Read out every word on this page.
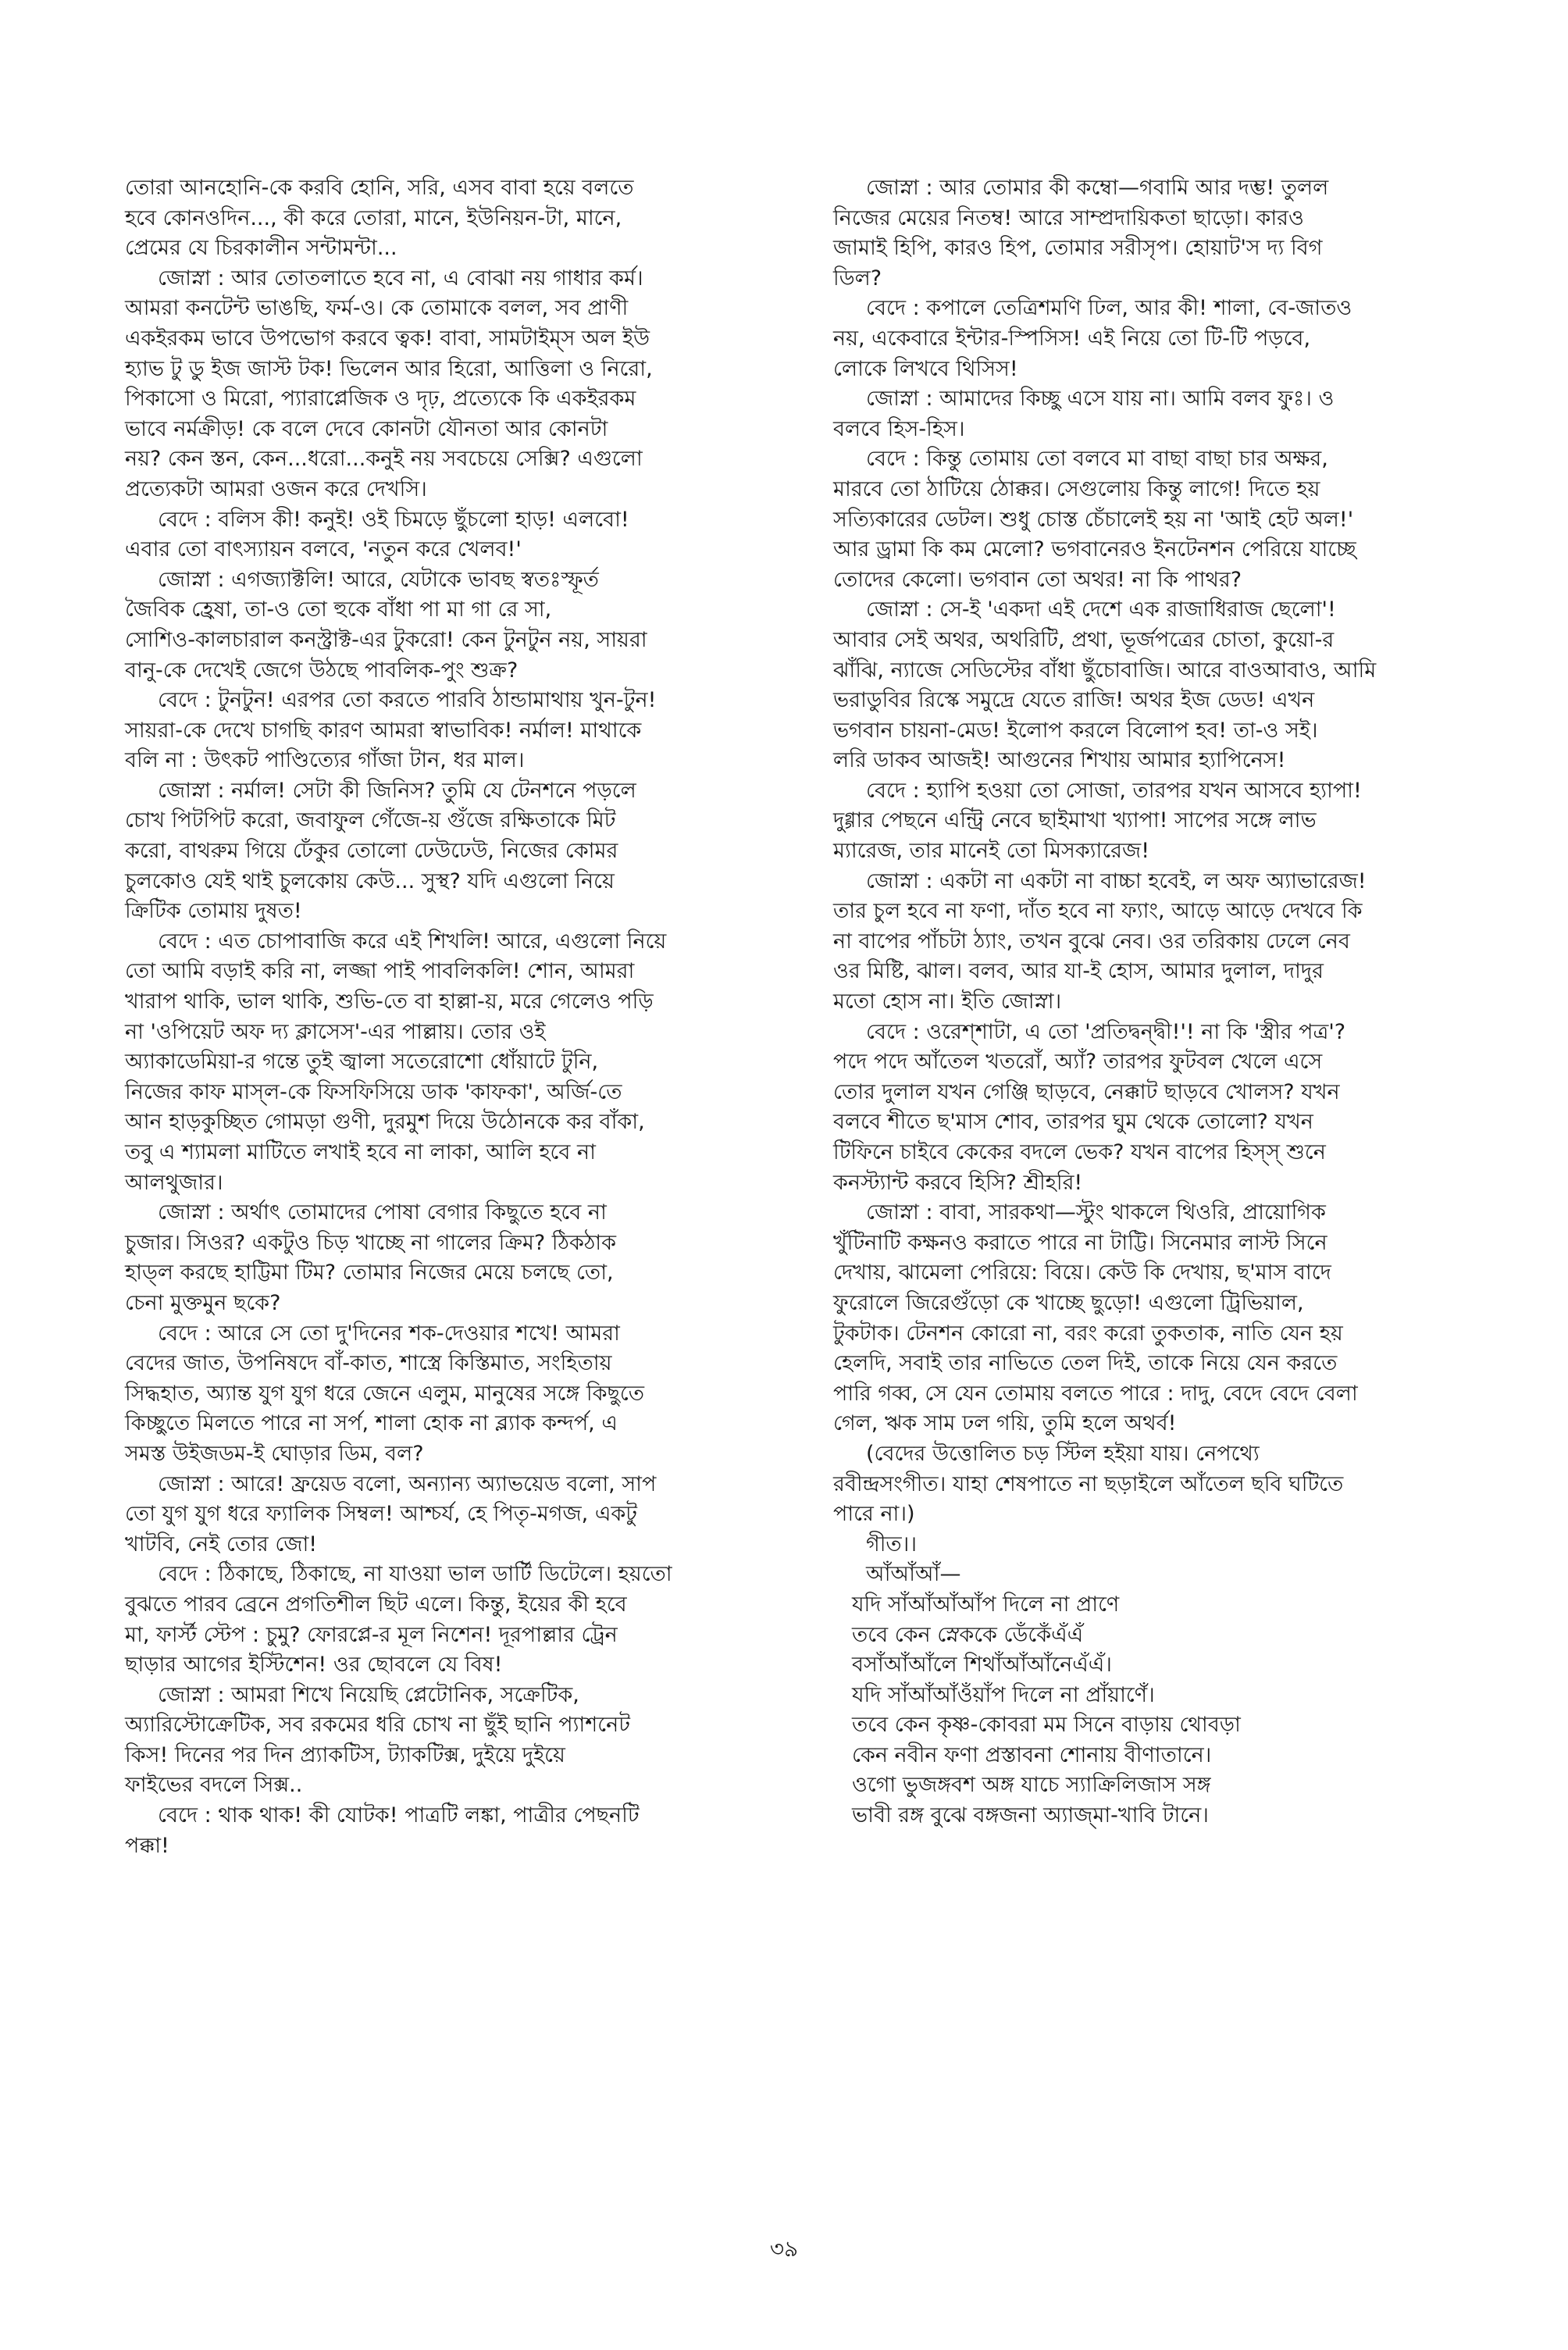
তোরা আনহোনি-কে করবি হোনি, সরি, এসব বাবা হয়ে বলতে
হবে কোনওদিন..., কী করে তোরা, মানে, ইউনিয়ন-টা, মানে,
প্রেমের যে চিরকালীন সন্টামন্টা...
জোস্না : আর তোতলাতে হবে না, এ বোঝা নয় গাধার কর্ম।
আমরা কনটেন্ট ভাঙছি, ফর্ম-ও। কে তোমাকে বলল, সব প্রাণী
একইরকম ভাবে উপভোগ করবে ত্বক! বাবা, সামটাইম্স অল ইউ
হ্যাভ টু ডু ইজ জাস্ট টক! ভিলেন আর হিরো, আত্তিলা ও নিরো,
পিকাসো ও মিরো, প্যারাপ্লেজিক ও দৃঢ়, প্রত্যেকে কি একইরকম
ভাবে নর্মক্রীড়! কে বলে দেবে কোনটা যৌনতা আর কোনটা
নয়? কেন স্তন, কেন...ধরো...কনুই নয় সবচেয়ে সেক্সি? এগুলো
প্রত্যেকটা আমরা ওজন করে দেখসি।
বেদে : বলিস কী! কনুই! ওই চিমড়ে ছুঁচলো হাড়! এলবো!
এবার তো বাৎস্যায়ন বলবে, 'নতুন করে খেলব!'
জোস্না : এগজ্যাক্টলি! আরে, যেটাকে ভাবছ স্বতঃস্ফূর্ত
জৈবিক হ্রেষা, তা-ও তো হুকে বাঁধা পা মা গা রে সা,
সোশিও-কালচারাল কনস্ট্রাক্ট-এর টুকরো! কেন টুনটুন নয়, সায়রা
বানু-কে দেখেই জেগে উঠছে পাবলিক-পুং শুক্র?
বেদে : টুনটুন! এরপর তো করতে পারবি ঠান্ডামাথায় খুন-টুন!
সায়রা-কে দেখে চাগছি কারণ আমরা স্বাভাবিক! নর্মাল! মাথাকে
বলি না : উৎকট পাণ্ডিত্যের গাঁজা টান, ধর মাল।
জোস্না : নর্মাল! সেটা কী জিনিস? তুমি যে টেনশনে পড়লে
চোখ পিটপিট করো, জবাফুল গেঁজে-য় গুঁজে রক্ষিতাকে মিট
করো, বাথরুম গিয়ে ঢেঁকুর তোলো ঢেউঢেউ, নিজের কোমর
চুলকোও যেই থাই চুলকোয় কেউ... সুস্থ? যদি এগুলো নিয়ে
ক্রিটিক তোমায় দুষত!
বেদে : এত চোপাবাজি করে এই শিখলি! আরে, এগুলো নিয়ে
তো আমি বড়াই করি না, লজ্জা পাই পাবলিকলি! শোন, আমরা
খারাপ থাকি, ভাল থাকি, শুভি-তে বা হাল্লা-য়, মরে গেলেও পড়ি
না 'ওপিয়েট অফ দ্য ক্লাসেস'-এর পাল্লায়। তোর ওই
অ্যাকাডেমিয়া-র গন্তে তুই জ্বালা সতেরোশো ধোঁয়াটে টুনি,
নিজের কাফ মাস্‌ল-কে ফিসফিসিয়ে ডাক 'কাফকা', অর্জি-তে
আন হাড়কুচ্ছিত গোমড়া গুণী, দুরমুশ দিয়ে উঠোনকে কর বাঁকা,
তবু এ শ্যামলা মাটিতে লখাই হবে না লাকা, আলি হবে না
আলথুজার।
জোস্না : অর্থাৎ তোমাদের পোষা বেগার কিছুতে হবে না
চুজার। সিওর? একটুও চিড় খাচ্ছে না গালের ক্রিম? ঠিকঠাক
হাড্ল করছে হাট্টিমা টিম? তোমার নিজের মেয়ে চলছে তো,
চেনা মুক্তমুন ছকে?
বেদে : আরে সে তো দু'দিনের শক-দেওয়ার শখে! আমরা
বেদের জাত, উপনিষদে বাঁ-কাত, শাস্ত্রে কিস্তিমাত, সংহিতায়
সিদ্ধহাত, অ্যান্ত যুগ যুগ ধরে জেনে এলুম, মানুষের সঙ্গে কিছুতে
কিচ্ছুতে মিলতে পারে না সর্প, শালা হোক না ব্ল্যাক কন্দর্প, এ
সমস্ত উইজডম-ই ঘোড়ার ডিম, বল?
জোস্না : আরে! ফ্রয়েড বলো, অন্যান্য অ্যাভয়েড বলো, সাপ
তো যুগ যুগ ধরে ফ্যালিক সিম্বল! আশ্চর্য, হে পিতৃ-মগজ, একটু
খাটবি, নেই তোর জো!
বেদে : ঠিকাছে, ঠিকাছে, না যাওয়া ভাল ডার্টি ডিটেলে। হয়তো
বুঝতে পারব ব্রেনে প্রগতিশীল ছিট এলে। কিন্তু, ইয়ের কী হবে
মা, ফার্স্ট স্টেপ : চুমু? ফোরপ্লে-র মূল নিশেন! দূরপাল্লার ট্রেন
ছাড়ার আগের ইস্টিশেন! ওর ছোবলে যে বিষ!
জোস্না : আমরা শিখে নিয়েছি প্লেটোনিক, সক্রেটিক,
অ্যারিস্টোক্রেটিক, সব রকমের ধরি চোখ না ছুঁই ছানি প্যাশনেট
কিস! দিনের পর দিন প্র্যাকটিস, ট্যাকটিক্স, দুইয়ে দুইয়ে
ফাইভের বদলে সিক্স..
বেদে : থাক থাক! কী যোটক! পাত্রটি লঙ্কা, পাত্রীর পেছনটি
পক্কা!
জোস্না : আর তোমার কী কম্বো—গবামি আর দম্ভ! তুলল
নিজের মেয়ের নিতম্ব! আরে সাম্প্রদায়িকতা ছাড়ো। কারও
জামাই হিপি, কারও হিপ, তোমার সরীসৃপ। হোয়াট'স দ্য বিগ
ডিল?
বেদে : কপালে তেত্রিশমণি ঢিল, আর কী! শালা, বে-জাতও
নয়, একেবারে ইন্টার-স্পিসিস! এই নিয়ে তো টি-টি পড়বে,
লোকে লিখবে থিসিস!
জোস্না : আমাদের কিচ্ছু এসে যায় না। আমি বলব ফুঃ। ও
বলবে হিস-হিস।
বেদে : কিন্তু তোমায় তো বলবে মা বাছা বাছা চার অক্ষর,
মারবে তো ঠাটিয়ে ঠোক্কর। সেগুলোয় কিন্তু লাগে! দিতে হয়
সত্যিকারের ডেটল। শুধু চোস্ত চেঁচালেই হয় না 'আই হেট অল!'
আর ড্রামা কি কম মেলো? ভগবানেরও ইনটেনশন পেরিয়ে যাচ্ছে
তোদের কেলো। ভগবান তো অথর! না কি পাথর?
জোস্না : সে-ই 'একদা এই দেশে এক রাজাধিরাজ ছেলো'!
আবার সেই অথর, অথরিটি, প্রথা, ভূর্জপত্রের চোতা, কুয়ো-র
ঝাঁঝি, ন্যাজে সেডিস্টের বাঁধা ছুঁচোবাজি। আরে বাওআবাও, আমি
ভরাডুবির রিস্কে সমুদ্রে যেতে রাজি! অথর ইজ ডেড! এখন
ভগবান চায়না-মেড! ইলোপ করলে বিলোপ হব! তা-ও সই।
লরি ডাকব আজই! আগুনের শিখায় আমার হ্যাপিনেস!
বেদে : হ্যাপি হওয়া তো সোজা, তারপর যখন আসবে হ্যাপা!
দুগ্গার পেছনে এন্ট্রি নেবে ছাইমাখা খ্যাপা! সাপের সঙ্গে লাভ
ম্যারেজ, তার মানেই তো মিসক্যারেজ!
জোস্না : একটা না একটা না বাচ্চা হবেই, ল অফ অ্যাভারেজ!
তার চুল হবে না ফণা, দাঁত হবে না ফ্যাং, আড়ে আড়ে দেখবে কি
না বাপের পাঁচটা ঠ্যাং, তখন বুঝে নেব। ওর তরিকায় ঢেলে নেব
ওর মিষ্টি, ঝাল। বলব, আর যা-ই হোস, আমার দুলাল, দাদুর
মতো হোস না। ইতি জোস্না।
বেদে : ওরেশ্শাটা, এ তো 'প্রতিদ্বন্দ্বী!'! না কি 'স্ত্রীর পত্র'?
পদে পদে আঁতেল খতরোঁ, অ্যাঁ? তারপর ফুটবল খেলে এসে
তোর দুলাল যখন গেঞ্জি ছাড়বে, নেক্কাট ছাড়বে খোলস? যখন
বলবে শীতে ছ'মাস শোব, তারপর ঘুম থেকে তোলো? যখন
টিফিনে চাইবে কেকের বদলে ভেক? যখন বাপের হিস্‌স্ শুনে
কনস্ট্যান্ট করবে হিসি? শ্রীহরি!
জোস্না : বাবা, সারকথা—স্টুং থাকলে থিওরি, প্রায়োগিক
খুঁটিনাটি কক্ষনও করাতে পারে না টাট্টি। সিনেমার লাস্ট সিনে
দেখায়, ঝামেলা পেরিয়ে: বিয়ে। কেউ কি দেখায়, ছ'মাস বাদে
ফুরোলে জিরেগুঁড়ো কে খাচ্ছে ছুড়ো! এগুলো ট্রিভিয়াল,
টুকটাক। টেনশন কোরো না, বরং করো তুকতাক, নাতি যেন হয়
হেলদি, সবাই তার নাভিতে তেল দিই, তাকে নিয়ে যেন করতে
পারি গব্ব, সে যেন তোমায় বলতে পারে : দাদু, বেদে বেদে বেলা
গেল, ঋক সাম ঢল গয়ি, তুমি হলে অথর্ব!
(বেদের উত্তোলিত চড় স্টিল হইয়া যায়। নেপথ্যে
রবীন্দ্রসংগীত। যাহা শেষপাতে না ছড়াইলে আঁতেল ছবি ঘটিতে
পারে না।)
গীত।।
আঁআঁআঁ—
যদি সাঁআঁআঁআঁপ দিলে না প্রাণে
তবে কেন স্নেককে ডেঁকেঁএঁএঁ
বসাঁআঁআঁলে শিথাঁআঁআঁনেএঁএঁ।
যদি সাঁআঁআঁওঁয়াঁপ দিলে না প্রাঁয়াণেঁ।
তবে কেন কৃষ্ণ-কোবরা মম সিনে বাড়ায় থোবড়া
কেন নবীন ফণা প্রস্তাবনা শোনায় বীণাতানে।
ওগো ভুজঙ্গবশ অঙ্গ যাচে স্যাক্রিলিজাস সঙ্গ
ভাবী রঙ্গ বুঝে বঙ্গজনা অ্যাজ্মা-খাবি টানে।
৩৯
